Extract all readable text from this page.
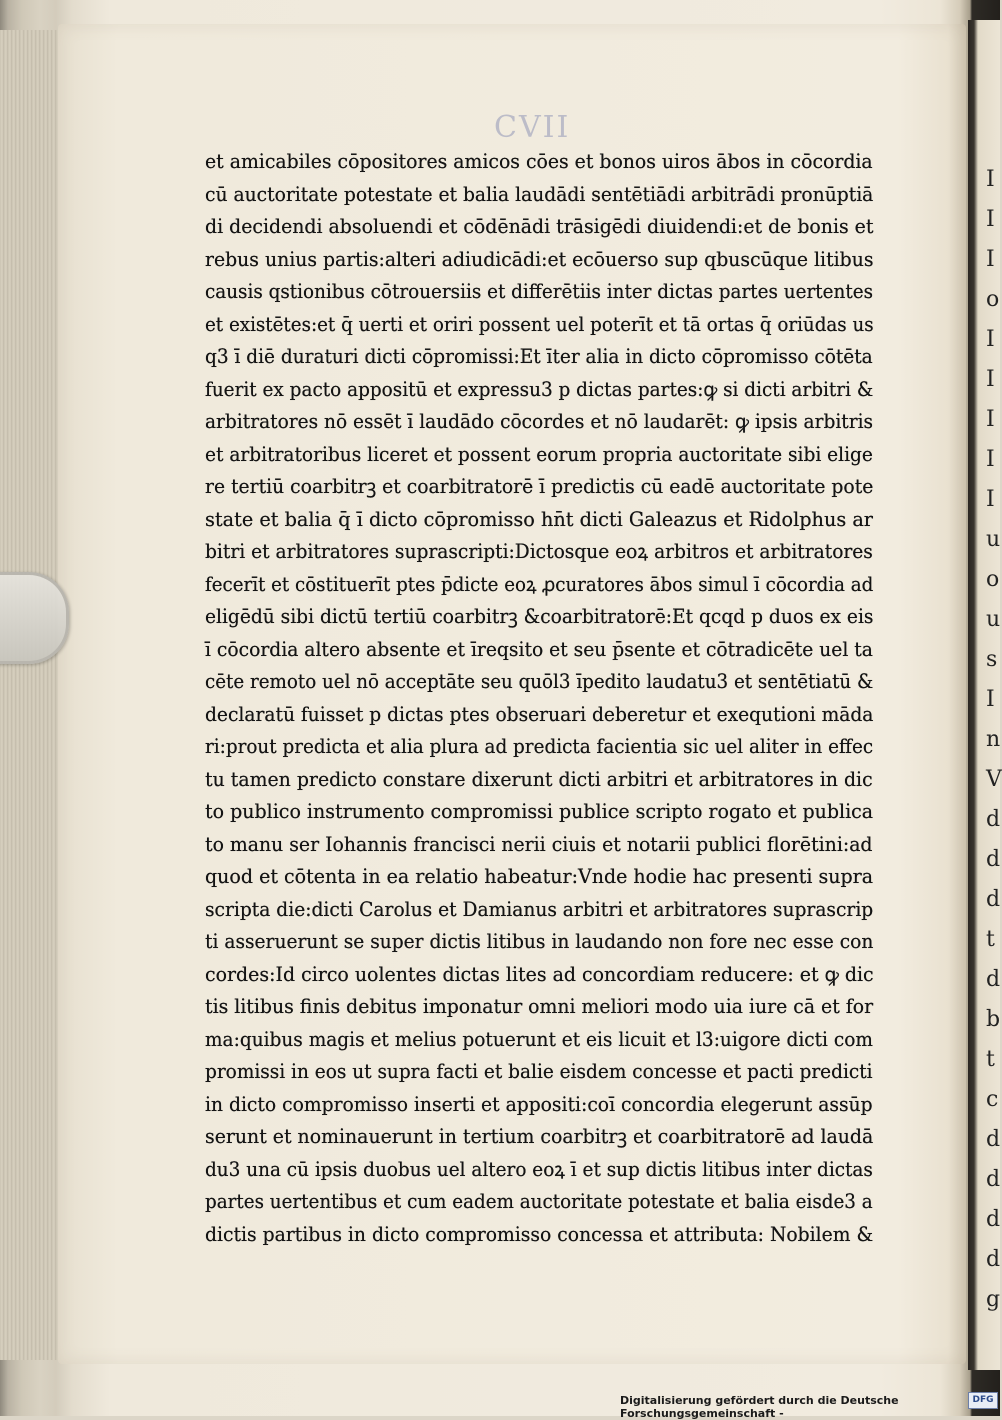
I
I
I
o
I
I
I
I
I
u
o
u
s
I
n
V
d
d
d
t
d
b
t
c
d
d
d
d
g
CVII
et amicabiles cōpositores amicos cōes et bonos uiros ābos in cōcordia
cū auctoritate potestate et balia laudādi sentētiādi arbitrādi pronūptiā
di decidendi absoluendi et cōdēnādi trāsigēdi diuidendi:et de bonis et
rebus unius partis:alteri adiudicādi:et ecōuerso sup qbuscūque litibus
causis qstionibus cōtrouersiis et differētiis inter dictas partes uertentes
et existētes:et q̄ uerti et oriri possent uel poterīt et tā ortas q̄ oriūdas us
q3 ī diē duraturi dicti cōpromissi:Et īter alia in dicto cōpromisso cōtēta
fuerit ex pacto appositū et expressu3 p dictas partes:ꝙ si dicti arbitri &
arbitratores nō essēt ī laudādo cōcordes et nō laudarēt: ꝙ ipsis arbitris
et arbitratoribus liceret et possent eorum propria auctoritate sibi elige
re tertiū coarbitrꝫ et coarbitratorē ī predictis cū eadē auctoritate pote
state et balia q̄ ī dicto cōpromisso hn̄t dicti Galeazus et Ridolphus ar
bitri et arbitratores suprascripti:Dictosque eoꝝ arbitros et arbitratores
fecerīt et cōstituerīt ptes p̄dicte eoꝝ ꝓcuratores ābos simul ī cōcordia ad
eligēdū sibi dictū tertiū coarbitrꝫ &coarbitratorē:Et qcqd p duos ex eis
ī cōcordia altero absente et īreqsito et seu p̄sente et cōtradicēte uel ta
cēte remoto uel nō acceptāte seu quōl3 īpedito laudatu3 et sentētiatū &
declaratū fuisset p dictas ptes obseruari deberetur et exequtioni māda
ri:prout predicta et alia plura ad predicta facientia sic uel aliter in effec
tu tamen predicto constare dixerunt dicti arbitri et arbitratores in dic
to publico instrumento compromissi publice scripto rogato et publica
to manu ser Iohannis francisci nerii ciuis et notarii publici florētini:ad
quod et cōtenta in ea relatio habeatur:Vnde hodie hac presenti supra
scripta die:dicti Carolus et Damianus arbitri et arbitratores suprascrip
ti asseruerunt se super dictis litibus in laudando non fore nec esse con
cordes:Id circo uolentes dictas lites ad concordiam reducere: et ꝙ dic
tis litibus finis debitus imponatur omni meliori modo uia iure cā et for
ma:quibus magis et melius potuerunt et eis licuit et l3:uigore dicti com
promissi in eos ut supra facti et balie eisdem concesse et pacti predicti
in dicto compromisso inserti et appositi:coī concordia elegerunt assūp
serunt et nominauerunt in tertium coarbitrꝫ et coarbitratorē ad laudā
du3 una cū ipsis duobus uel altero eoꝝ ī et sup dictis litibus inter dictas
partes uertentibus et cum eadem auctoritate potestate et balia eisde3 a
dictis partibus in dicto compromisso concessa et attributa: Nobilem &
Digitalisierung gefördert durch die Deutsche Forschungsgemeinschaft -
DFG
